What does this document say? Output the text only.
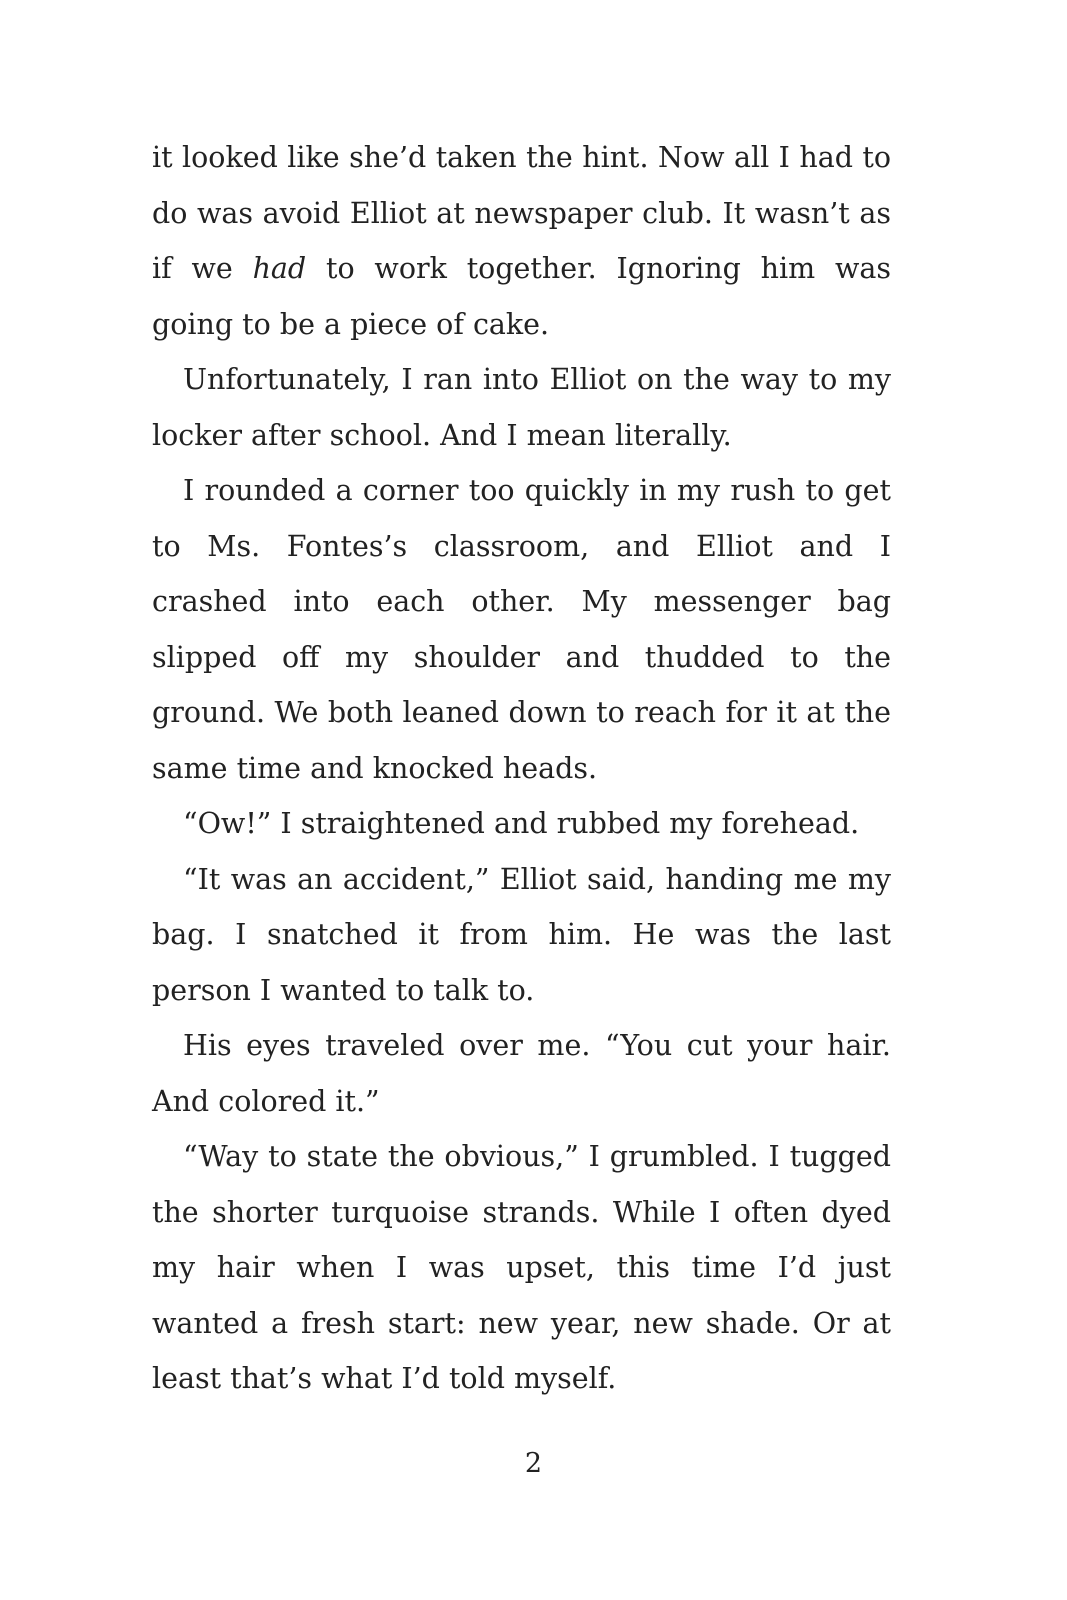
it looked like she’d taken the hint. Now all I had to do was avoid Elliot at newspaper club. It wasn’t as if we had to work together. Ignoring him was going to be a piece of cake.

Unfortunately, I ran into Elliot on the way to my locker after school. And I mean literally.

I rounded a corner too quickly in my rush to get to Ms. Fontes’s classroom, and Elliot and I crashed into each other. My messenger bag slipped off my shoulder and thudded to the ground. We both leaned down to reach for it at the same time and knocked heads.

“Ow!” I straightened and rubbed my forehead.

“It was an accident,” Elliot said, handing me my bag. I snatched it from him. He was the last person I wanted to talk to.

His eyes traveled over me. “You cut your hair. And colored it.”

“Way to state the obvious,” I grumbled. I tugged the shorter turquoise strands. While I often dyed my hair when I was upset, this time I’d just wanted a fresh start: new year, new shade. Or at least that’s what I’d told myself.

2
